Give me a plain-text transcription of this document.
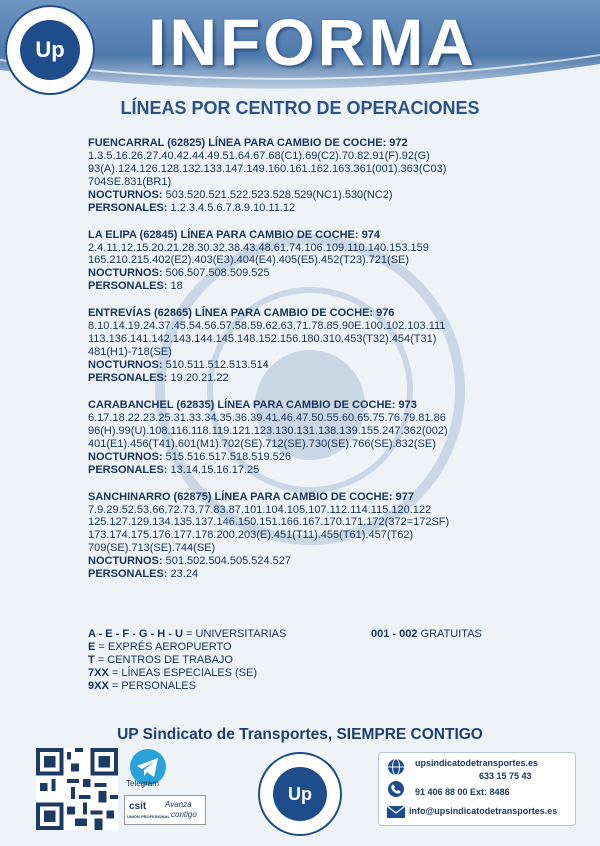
Up INFORMA
LÍNEAS POR CENTRO DE OPERACIONES
FUENCARRAL (62825) LÍNEA PARA CAMBIO DE COCHE: 972
1.3.5.16.26.27.40.42.44.49.51.64.67.68(C1).69(C2).70.82.91(F).92(G)
93(A).124.126.128.132.133.147.149.160.161.162.163.361(001).363(C03)
704SE.831(BR1)
NOCTURNOS: 503.520.521.522.523.528.529(NC1).530(NC2)
PERSONALES: 1.2.3.4.5.6.7.8.9.10.11.12
LA ELIPA (62845) LÍNEA PARA CAMBIO DE COCHE: 974
2.4.11.12.15.20.21.28.30.32.38.43.48.61.74.106.109.110.140.153.159
165.210.215.402(E2).403(E3).404(E4).405(E5).452(T23).721(SE)
NOCTURNOS: 506.507.508.509.525
PERSONALES: 18
ENTREVÍAS (62865) LÍNEA PARA CAMBIO DE COCHE: 976
8.10.14.19.24.37.45.54.56.57.58.59.62.63.71.78.85.90E.100.102.103.111
113.136.141.142.143.144.145.148.152.156.180.310.453(T32).454(T31)
481(H1)-718(SE)
NOCTURNOS: 510.511.512.513.514
PERSONALES: 19.20.21.22
CARABANCHEL (62835) LÍNEA PARA CAMBIO DE COCHE: 973
6.17.18.22.23.25.31.33.34.35.36.39.41.46.47.50.55.60.65.75.76.79.81.86
96(H).99(U).108.116.118.119.121.123.130.131.138.139.155.247.362(002)
401(E1).456(T41).601(M1).702(SE).712(SE).730(SE).766(SE).832(SE)
NOCTURNOS: 515.516.517.518.519.526
PERSONALES: 13.14.15.16.17.25
SANCHINARRO (62875) LÍNEA PARA CAMBIO DE COCHE: 977
7.9.29.52.53.66.72.73.77.83.87.101.104.105.107.112.114.115.120.122
125.127.129.134.135.137.146.150.151.166.167.170.171.172(372=172SF)
173.174.175.176.177.178.200.203(E).451(T11).455(T61).457(T62)
709(SE).713(SE).744(SE)
NOCTURNOS: 501.502.504.505.524.527
PERSONALES: 23.24
A - E - F - G - H - U = UNIVERSITARIAS
E = EXPRÉS AEROPUERTO
T = CENTROS DE TRABAJO
7XX = LÍNEAS ESPECIALES (SE)
9XX = PERSONALES
001 - 002 GRATUITAS
UP Sindicato de Transportes, SIEMPRE CONTIGO
Telegram
csit
UNIÓN PROFESIONAL
Avanza
contigo
Up
upsindicatodetransportes.es
633 15 75 43
91 406 88 00 Ext: 8486
info@upsindicatodetransportes.es
